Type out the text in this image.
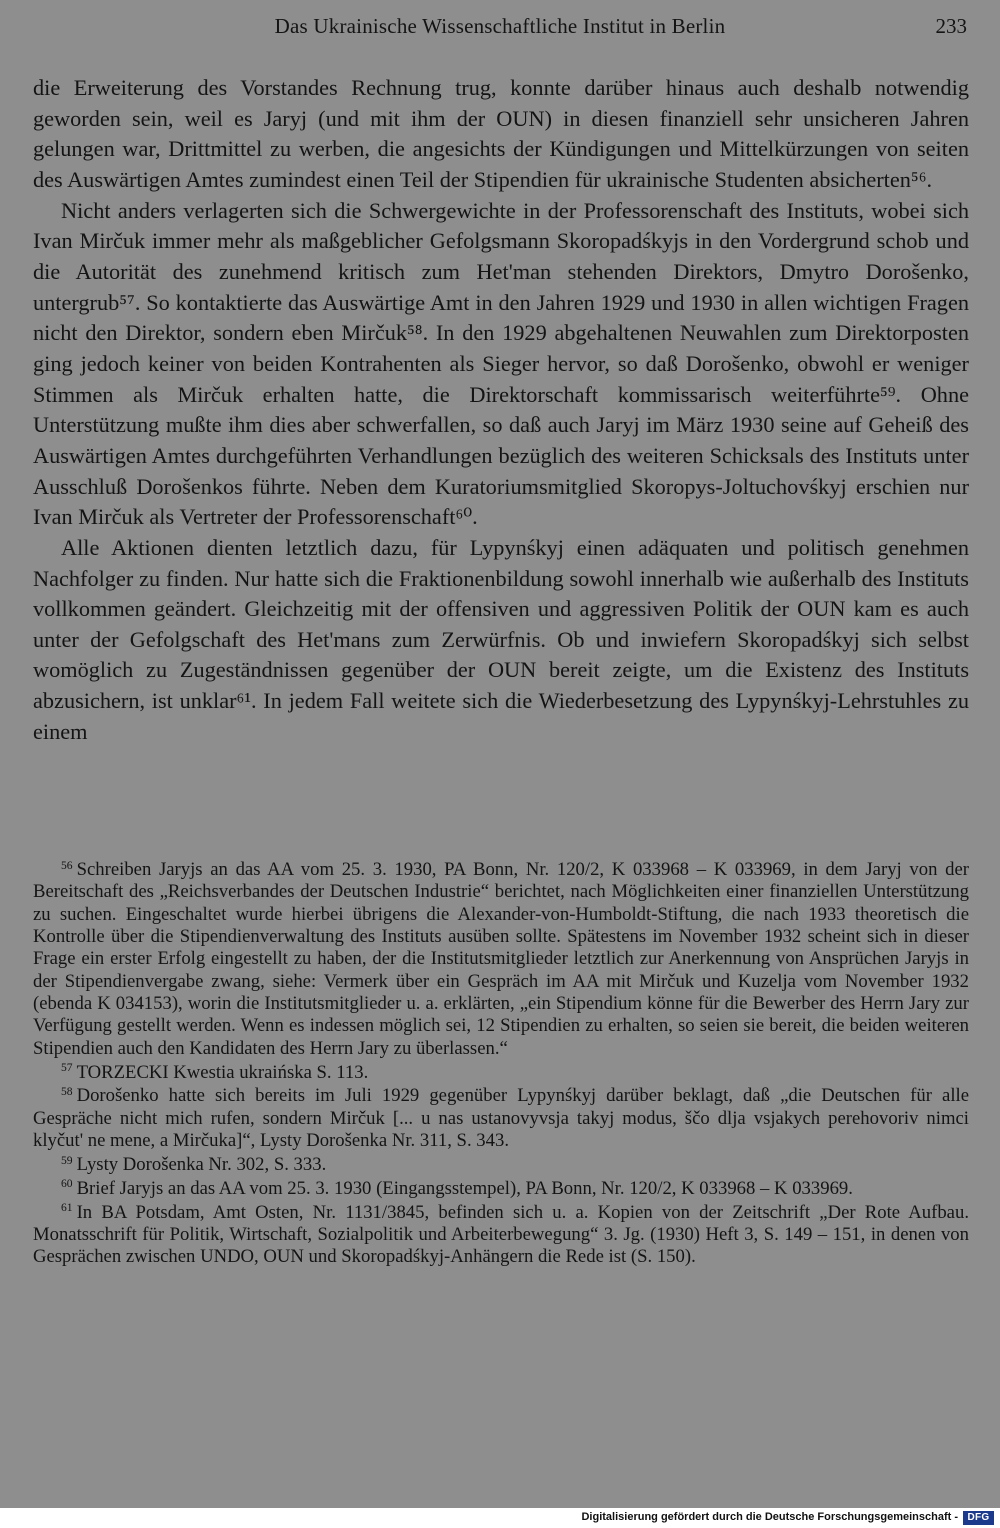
Das Ukrainische Wissenschaftliche Institut in Berlin	233

die Erweiterung des Vorstandes Rechnung trug, konnte darüber hinaus auch deshalb notwendig geworden sein, weil es Jaryj (und mit ihm der OUN) in diesen finanziell sehr unsicheren Jahren gelungen war, Drittmittel zu werben, die angesichts der Kündigungen und Mittelkürzungen von seiten des Auswärtigen Amtes zumindest einen Teil der Stipendien für ukrainische Studenten absicherten⁵⁶.

Nicht anders verlagerten sich die Schwergewichte in der Professorenschaft des Instituts, wobei sich Ivan Mirčuk immer mehr als maßgeblicher Gefolgsmann Skoropadśkyjs in den Vordergrund schob und die Autorität des zunehmend kritisch zum Het'man stehenden Direktors, Dmytro Dorošenko, untergrub⁵⁷. So kontaktierte das Auswärtige Amt in den Jahren 1929 und 1930 in allen wichtigen Fragen nicht den Direktor, sondern eben Mirčuk⁵⁸. In den 1929 abgehaltenen Neuwahlen zum Direktorposten ging jedoch keiner von beiden Kontrahenten als Sieger hervor, so daß Dorošenko, obwohl er weniger Stimmen als Mirčuk erhalten hatte, die Direktorschaft kommissarisch weiterführte⁵⁹. Ohne Unterstützung mußte ihm dies aber schwerfallen, so daß auch Jaryj im März 1930 seine auf Geheiß des Auswärtigen Amtes durchgeführten Verhandlungen bezüglich des weiteren Schicksals des Instituts unter Ausschluß Dorošenkos führte. Neben dem Kuratoriumsmitglied Skoropys-Joltuchovśkyj erschien nur Ivan Mirčuk als Vertreter der Professorenschaft⁶⁰.

Alle Aktionen dienten letztlich dazu, für Lypynśkyj einen adäquaten und politisch genehmen Nachfolger zu finden. Nur hatte sich die Fraktionenbildung sowohl innerhalb wie außerhalb des Instituts vollkommen geändert. Gleichzeitig mit der offensiven und aggressiven Politik der OUN kam es auch unter der Gefolgschaft des Het'mans zum Zerwürfnis. Ob und inwiefern Skoropadśkyj sich selbst womöglich zu Zugeständnissen gegenüber der OUN bereit zeigte, um die Existenz des Instituts abzusichern, ist unklar⁶¹. In jedem Fall weitete sich die Wiederbesetzung des Lypynśkyj-Lehrstuhles zu einem

$^{56}$ Schreiben Jaryjs an das AA vom 25. 3. 1930, PA Bonn, Nr. 120/2, K 033968 – K 033969, in dem Jaryj von der Bereitschaft des „Reichsverbandes der Deutschen Industrie“ berichtet, nach Möglichkeiten einer finanziellen Unterstützung zu suchen. Eingeschaltet wurde hierbei übrigens die Alexander-von-Humboldt-Stiftung, die nach 1933 theoretisch die Kontrolle über die Stipendienverwaltung des Instituts ausüben sollte. Spätestens im November 1932 scheint sich in dieser Frage ein erster Erfolg eingestellt zu haben, der die Institutsmitglieder letztlich zur Anerkennung von Ansprüchen Jaryjs in der Stipendienvergabe zwang, siehe: Vermerk über ein Gespräch im AA mit Mirčuk und Kuzelja vom November 1932 (ebenda K 034153), worin die Institutsmitglieder u. a. erklärten, „ein Stipendium könne für die Bewerber des Herrn Jary zur Verfügung gestellt werden. Wenn es indessen möglich sei, 12 Stipendien zu erhalten, so seien sie bereit, die beiden weiteren Stipendien auch den Kandidaten des Herrn Jary zu überlassen.“

$^{57}$ TORZECKI Kwestia ukraińska S. 113.

$^{58}$ Dorošenko hatte sich bereits im Juli 1929 gegenüber Lypynśkyj darüber beklagt, daß „die Deutschen für alle Gespräche nicht mich rufen, sondern Mirčuk [... u nas ustanovyvsja takyj modus, ščo dlja vsjakych perehovoriv nimci klyčut' ne mene, a Mirčuka]“, Lysty Dorošenka Nr. 311, S. 343.

$^{59}$ Lysty Dorošenka Nr. 302, S. 333.

$^{60}$ Brief Jaryjs an das AA vom 25. 3. 1930 (Eingangsstempel), PA Bonn, Nr. 120/2, K 033968 – K 033969.

$^{61}$ In BA Potsdam, Amt Osten, Nr. 1131/3845, befinden sich u. a. Kopien von der Zeitschrift „Der Rote Aufbau. Monatsschrift für Politik, Wirtschaft, Sozialpolitik und Arbeiterbewegung“ 3. Jg. (1930) Heft 3, S. 149 – 151, in denen von Gesprächen zwischen UNDO, OUN und Skoropadśkyj-Anhängern die Rede ist (S. 150).

Digitalisierung gefördert durch die Deutsche Forschungsgemeinschaft - DFG
